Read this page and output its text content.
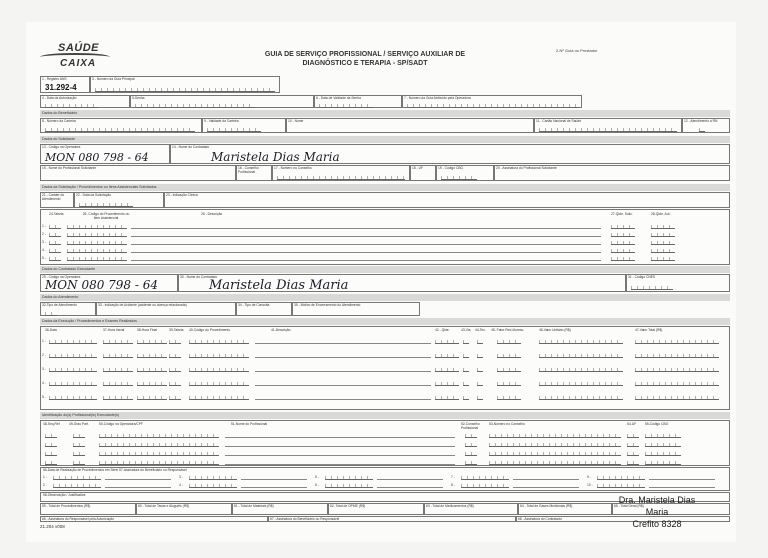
SAÚDE
CAIXA
GUIA DE SERVIÇO PROFISSIONAL / SERVIÇO AUXILIAR DE
DIAGNÓSTICO E TERAPIA - SP/SADT
2-Nº Guia no Prestador
1 - Registro ANS
31.292-4
3 - Número da Guia Principal
4 - Data da Autorização	5-Senha	6 - Data de Validade da Senha	7 - Número da Guia Atribuído pela Operadora
Dados do Beneficiário
8 - Número da Carteira	9 - Validade da Carteira	10 - Nome	11 - Cartão Nacional de Saúde	12 - Atendimento a RN
Dados do Solicitante
13 - Código na Operadora
MON 080 798 - 64
14 - Nome do Contratado
Maristela Dias Maria
15 - Nome do Profissional Solicitante	16 - Conselho Profissional
17 - Número no Conselho	18 - UF	19 - Código CBO	20 - Assinatura do Profissional Solicitante
Dados da Solicitação / Procedimentos ou Itens Assistenciais Solicitados
21 - Caráter do Atendimento
22 - Data da Solicitação	23 - Indicação Clínica
24-Tabela	25- Código do Procedimento ou Item Assistencial
26 - Descrição	27-Qtde. Solic.	28-Qtde. Aut.
1 -
2 -
3 -
4 -
5 -
Dados do Contratado Executante
29 - Código na Operadora
MON 080 798 - 64
30 - Nome do Contratado
Maristela Dias Maria
31 - Código CNES
Dados do Atendimento
32-Tipo de Atendimento	33 - Indicação de Acidente (acidente ou doença relacionada)	34 - Tipo de Consulta	35 - Motivo de Encerramento do Atendimento
Dados da Execução / Procedimentos e Exames Realizados
36-Data	37-Hora Inicial	38-Hora Final	39-Tabela 40-Código do Procedimento	41-Descrição	42 - Qtde.	43-Via 44-Tec. 45- Fator Red./Acresc.	46-Valor Unitário (R$)	47-Valor Total (R$)
1 -
2 -
3 -
4 -
5 -
Identificação do(s) Profissional(is) Executante(s)
48-Seq.Ref	49-Grau Part.	50-Código na Operadora/CPF	51-Nome do Profissional	52-Conselho Profissional
53-Número no Conselho	54-UF	55-Código CBO
56-Data de Realização de Procedimentos em Série 57-Assinatura do Beneficiário ou Responsável
1 -	3 -	5 -	7 -	9 -
2 -	4 -	6 -	8 -	10 -
58-Observação / Justificativa
59 - Total de Procedimentos (R$)	60 - Total de Taxas e Aluguéis (R$)	61 - Total de Materiais (R$)	62- Total de OPME (R$)	63 - Total de Medicamentos (R$)	64 - Total de Gases Medicinais (R$)	65 - Total Geral (R$)
66 - Assinatura do Responsável pela Autorização	67 - Assinatura do Beneficiário ou Responsável	68 - Assinatura do Contratado
Dra. Maristela Dias Maria
Crefito 8328
21.204 v008
